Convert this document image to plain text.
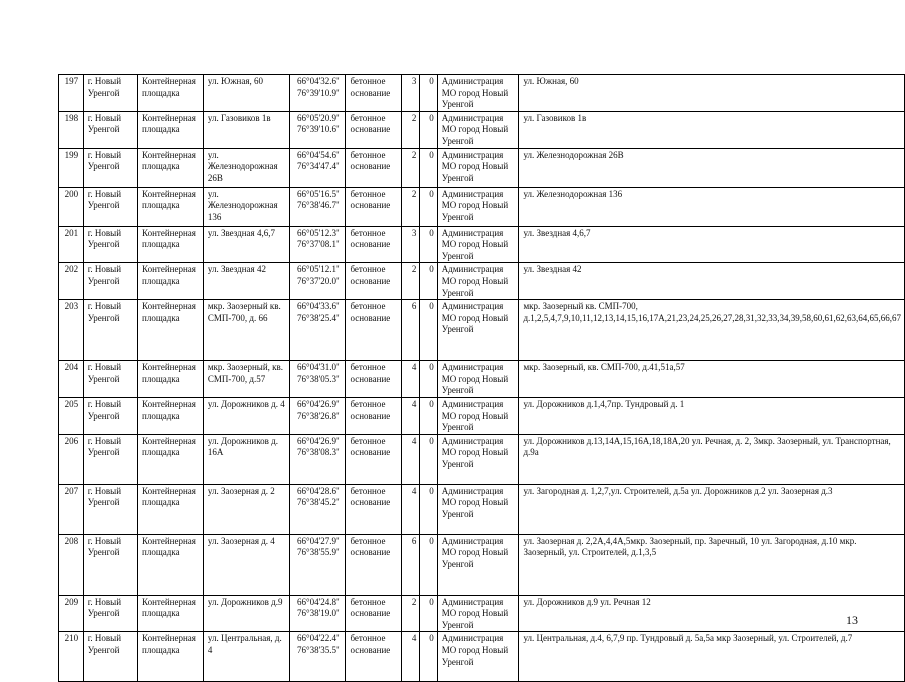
197	г. Новый Уренгой	Контейнерная площадка	ул. Южная, 60	66°04'32.6" 76°39'10.9"	бетонное основание	3	0	Администрация МО город Новый Уренгой	ул. Южная, 60
198	г. Новый Уренгой	Контейнерная площадка	ул. Газовиков 1в	66°05'20.9" 76°39'10.6"	бетонное основание	2	0	Администрация МО город Новый Уренгой	ул. Газовиков 1в
199	г. Новый Уренгой	Контейнерная площадка	ул. Железнодорожная 26В	66°04'54.6" 76°34'47.4"	бетонное основание	2	0	Администрация МО город Новый Уренгой	ул. Железнодорожная 26В
200	г. Новый Уренгой	Контейнерная площадка	ул. Железнодорожная 136	66°05'16.5" 76°38'46.7"	бетонное основание	2	0	Администрация МО город Новый Уренгой	ул. Железнодорожная 136
201	г. Новый Уренгой	Контейнерная площадка	ул. Звездная 4,6,7	66°05'12.3" 76°37'08.1"	бетонное основание	3	0	Администрация МО город Новый Уренгой	ул. Звездная 4,6,7
202	г. Новый Уренгой	Контейнерная площадка	ул. Звездная 42	66°05'12.1" 76°37'20.0"	бетонное основание	2	0	Администрация МО город Новый Уренгой	ул. Звездная 42
203	г. Новый Уренгой	Контейнерная площадка	мкр. Заозерный кв. СМП-700, д. 66	66°04'33.6" 76°38'25.4"	бетонное основание	6	0	Администрация МО город Новый Уренгой	мкр. Заозерный кв. СМП-700, д.1,2,5,4,7,9,10,11,12,13,14,15,16,17А,21,23,24,25,26,27,28,31,32,33,34,39,58,60,61,62,63,64,65,66,67
204	г. Новый Уренгой	Контейнерная площадка	мкр. Заозерный, кв. СМП-700, д.57	66°04'31.0" 76°38'05.3"	бетонное основание	4	0	Администрация МО город Новый Уренгой	мкр. Заозерный, кв. СМП-700, д.41,51а,57
205	г. Новый Уренгой	Контейнерная площадка	ул. Дорожников д. 4	66°04'26.9" 76°38'26.8"	бетонное основание	4	0	Администрация МО город Новый Уренгой	ул. Дорожников д.1,4,7пр. Тундровый д. 1
206	г. Новый Уренгой	Контейнерная площадка	ул. Дорожников д. 16А	66°04'26.9" 76°38'08.3"	бетонное основание	4	0	Администрация МО город Новый Уренгой	ул. Дорожников д.13,14А,15,16А,18,18А,20 ул. Речная, д. 2, 3мкр. Заозерный, ул. Транспортная, д.9а
207	г. Новый Уренгой	Контейнерная площадка	ул. Заозерная д. 2	66°04'28.6" 76°38'45.2"	бетонное основание	4	0	Администрация МО город Новый Уренгой	ул. Загородная д. 1,2,7,ул. Строителей, д.5а ул. Дорожников д.2 ул. Заозерная д.3
208	г. Новый Уренгой	Контейнерная площадка	ул. Заозерная д. 4	66°04'27.9" 76°38'55.9"	бетонное основание	6	0	Администрация МО город Новый Уренгой	ул. Заозерная д. 2,2А,4,4А,5мкр. Заозерный, пр. Заречный, 10 ул. Загородная, д.10 мкр. Заозерный, ул. Строителей, д.1,3,5
209	г. Новый Уренгой	Контейнерная площадка	ул. Дорожников д.9	66°04'24.8" 76°38'19.0"	бетонное основание	2	0	Администрация МО город Новый Уренгой	ул. Дорожников д.9 ул. Речная 12
210	г. Новый Уренгой	Контейнерная площадка	ул. Центральная, д. 4	66°04'22.4" 76°38'35.5"	бетонное основание	4	0	Администрация МО город Новый Уренгой	ул. Центральная, д.4, 6,7,9 пр. Тундровый д. 5а,5а мкр Заозерный, ул. Строителей, д.7
13
